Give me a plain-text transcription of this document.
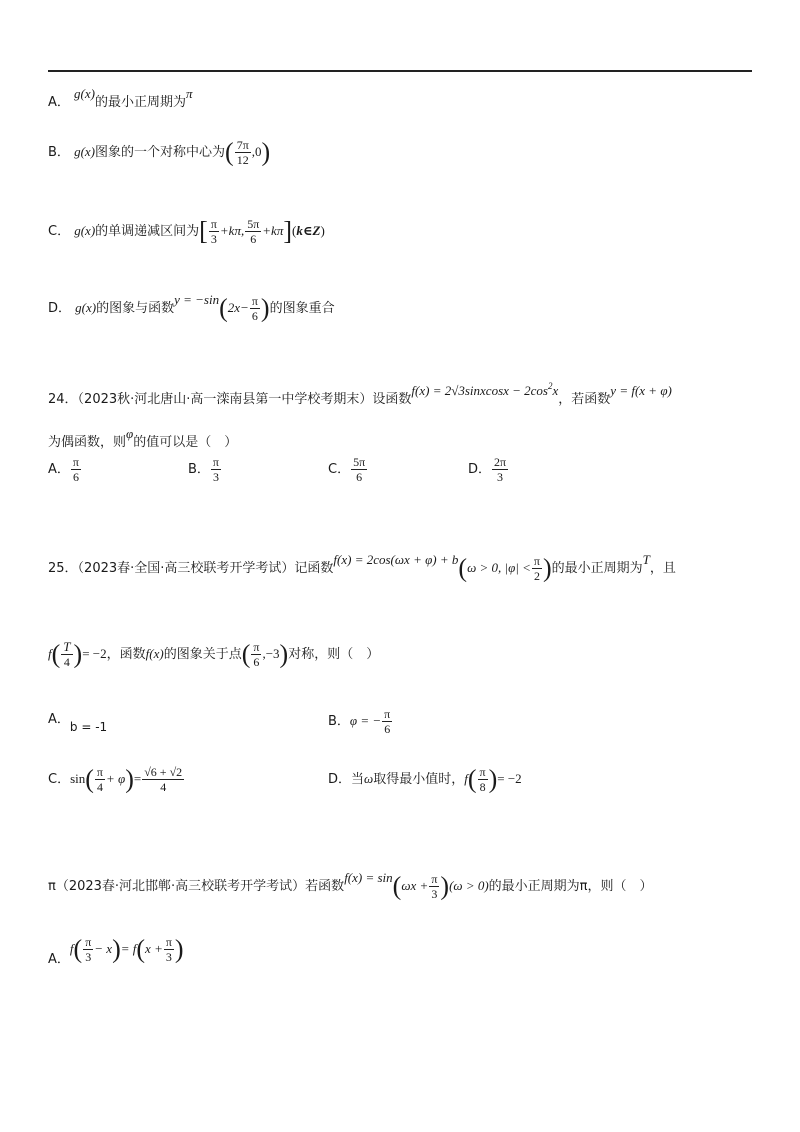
A． g(x)的最小正周期为π
B． g(x)图象的一个对称中心为( $\frac{7\pi}{12} ,0$)
C． g(x)的单调递减区间为[ $\frac{\pi}{3} +k\pi$, $\frac{5\pi}{6}$ +kπ](k∈Z)
D． g(x)的图象与函数$y = -\sin(2x- \frac{\pi}{6}$ )的图象重合
24．（2023秋·河北唐山·高一滦南县第一中学校考期末）设函数f(x) = 2√3sinxcosx − $2\cos^2x$，若函数y = f(x + φ)
为偶函数，则φ的值可以是（　）
A． $\frac{\pi}{6}$	B． $\frac{\pi}{3}$	C． $\frac{5\pi}{6}$	D． $\frac{2\pi}{3}$
25．（2023春·全国·高三校联考开学考试）记函数f(x) = 2cos(ωx + φ) + b(ω > 0, $|\varphi| < \frac{\pi}{2}$ )的最小正周期为T，且
$f( \frac{T}{4}$ )= −2，函数f(x)的图象关于点( $\frac{\pi}{6} ,-3$)对称，则（　）
A．b = -1	B．φ = − $\frac{\pi}{6}$
C．$\sin( \frac{\pi}{4} + \varphi)= \frac{√6 + √2}{4}$	D．当ω取得最小值时，$f( \frac{\pi}{8}$ )= −2
π（2023春·河北邯郸·高三校联考开学考试）若函数$f(x) = \sin(\omega x + \frac{\pi}{3} )(\omega > 0)$的最小正周期为π，则（　）
A．$f( \frac{\pi}{3} - x)= f(x + \frac{\pi}{3}$ )
